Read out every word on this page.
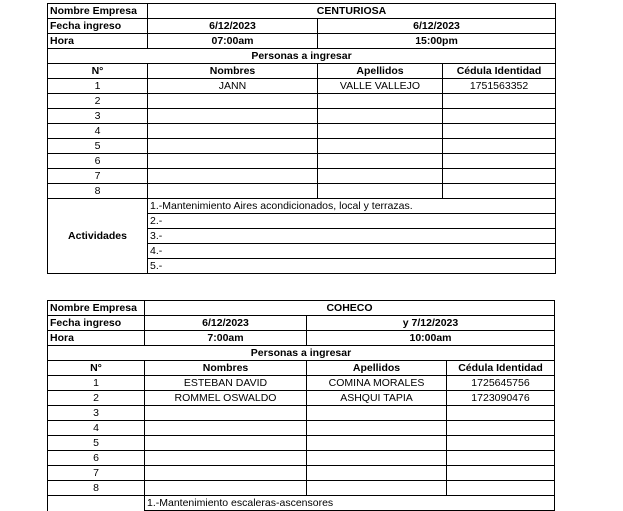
Nombre Empresa	CENTURIOSA		
Fecha ingreso	6/12/2023	6/12/2023	
Hora	07:00am	15:00pm	
Personas a ingresar			
N°	Nombres	Apellidos	Cédula Identidad
1	JANN	VALLE VALLEJO	1751563352
2			
3			
4			
5			
6			
7			
8			
Actividades	1.-Mantenimiento Aires acondicionados, local y terrazas.		
	2.-		
	3.-		
	4.-		
	5.-		
Nombre Empresa	COHECO		
Fecha ingreso	6/12/2023	y 7/12/2023	
Hora	7:00am	10:00am	
Personas a ingresar			
N°	Nombres	Apellidos	Cédula Identidad
1	ESTEBAN DAVID	COMINA MORALES	1725645756
2	ROMMEL OSWALDO	ASHQUI TAPIA	1723090476
3			
4			
5			
6			
7			
8			
	1.-Mantenimiento escaleras-ascensores		
